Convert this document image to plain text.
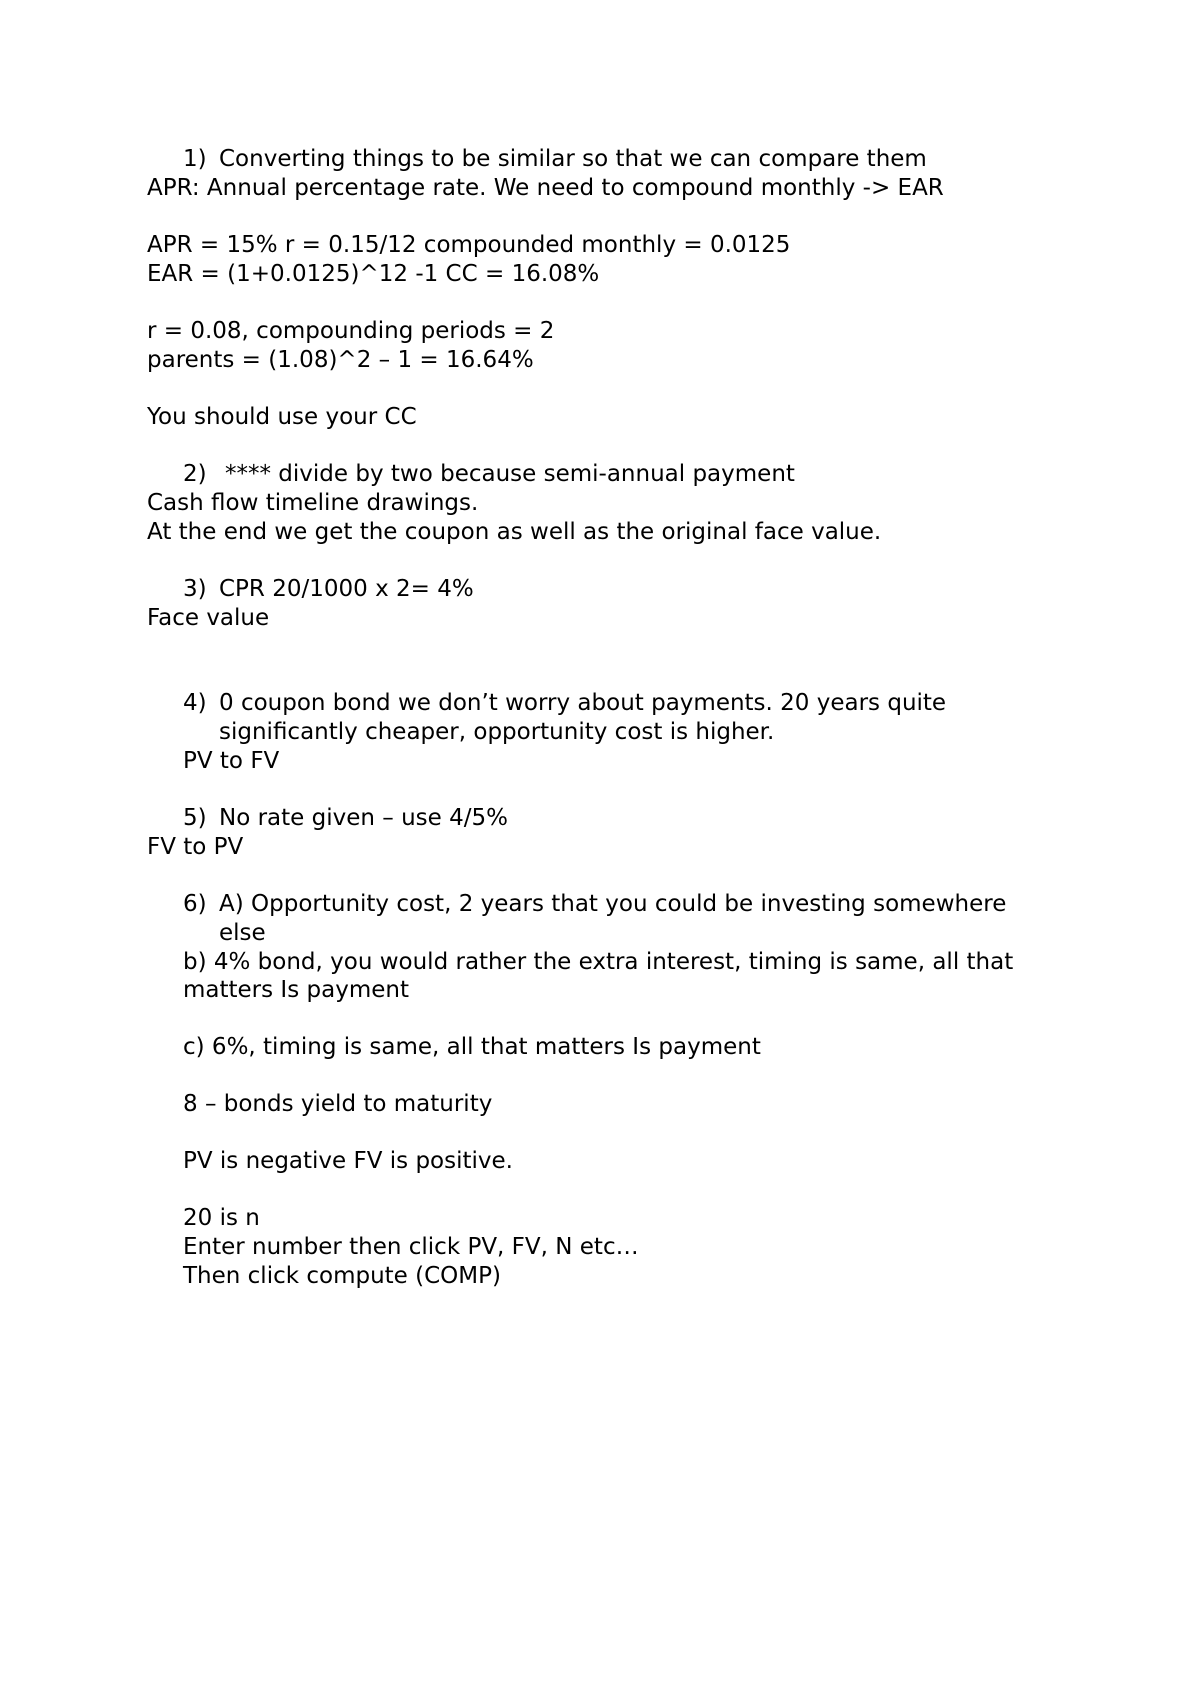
1) Converting things to be similar so that we can compare them
APR: Annual percentage rate. We need to compound monthly -> EAR
APR = 15% r = 0.15/12 compounded monthly = 0.0125
EAR = (1+0.0125)^12 -1 CC = 16.08%
r = 0.08, compounding periods = 2
parents = (1.08)^2 – 1 = 16.64%
You should use your CC
2) **** divide by two because semi-annual payment
Cash flow timeline drawings.
At the end we get the coupon as well as the original face value.
3) CPR 20/1000 x 2= 4%
Face value
4) 0 coupon bond we don’t worry about payments. 20 years quite
significantly cheaper, opportunity cost is higher.
PV to FV
5) No rate given – use 4/5%
FV to PV
6) A) Opportunity cost, 2 years that you could be investing somewhere
else
b) 4% bond, you would rather the extra interest, timing is same, all that
matters Is payment
c) 6%, timing is same, all that matters Is payment
8 – bonds yield to maturity
PV is negative FV is positive.
20 is n
Enter number then click PV, FV, N etc…
Then click compute (COMP)
